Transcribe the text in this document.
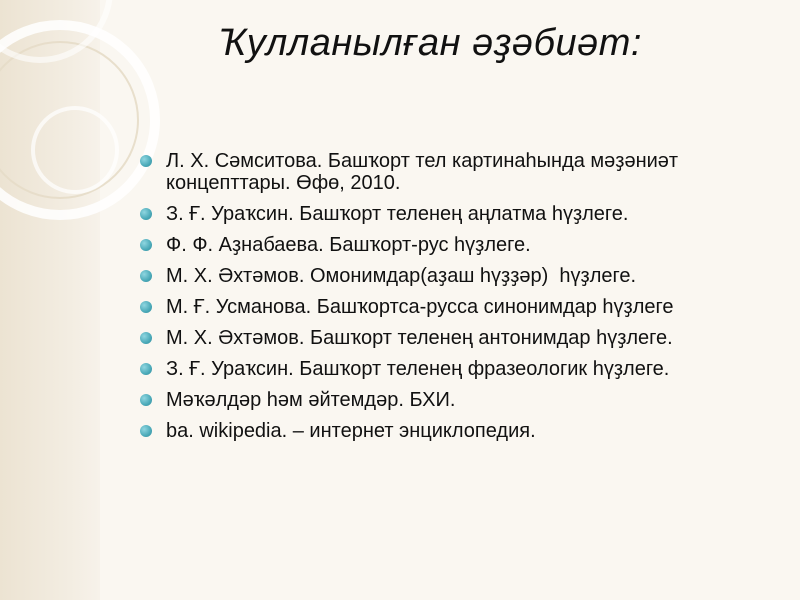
Ҡулланылған әҙәбиәт:
Л. Х. Сәмситова. Башҡорт тел картинаһында мәҙәниәт концепттары. Өфө, 2010.
З. Ғ. Ураҡсин. Башҡорт теленең аңлатма һүҙлеге.
Ф. Ф. Аҙнабаева. Башҡорт-рус һүҙлеге.
М. Х. Әхтәмов. Омонимдар(аҙаш һүҙҙәр)  һүҙлеге.
М. Ғ. Усманова. Башҡортса-русса синонимдар һүҙлеге
М. Х. Әхтәмов. Башҡорт теленең антонимдар һүҙлеге.
З. Ғ. Ураҡсин. Башҡорт теленең фразеологик һүҙлеге.
Мәҡәлдәр һәм әйтемдәр. БХИ.
ba. wikipedia. – интернет энциклопедия.
